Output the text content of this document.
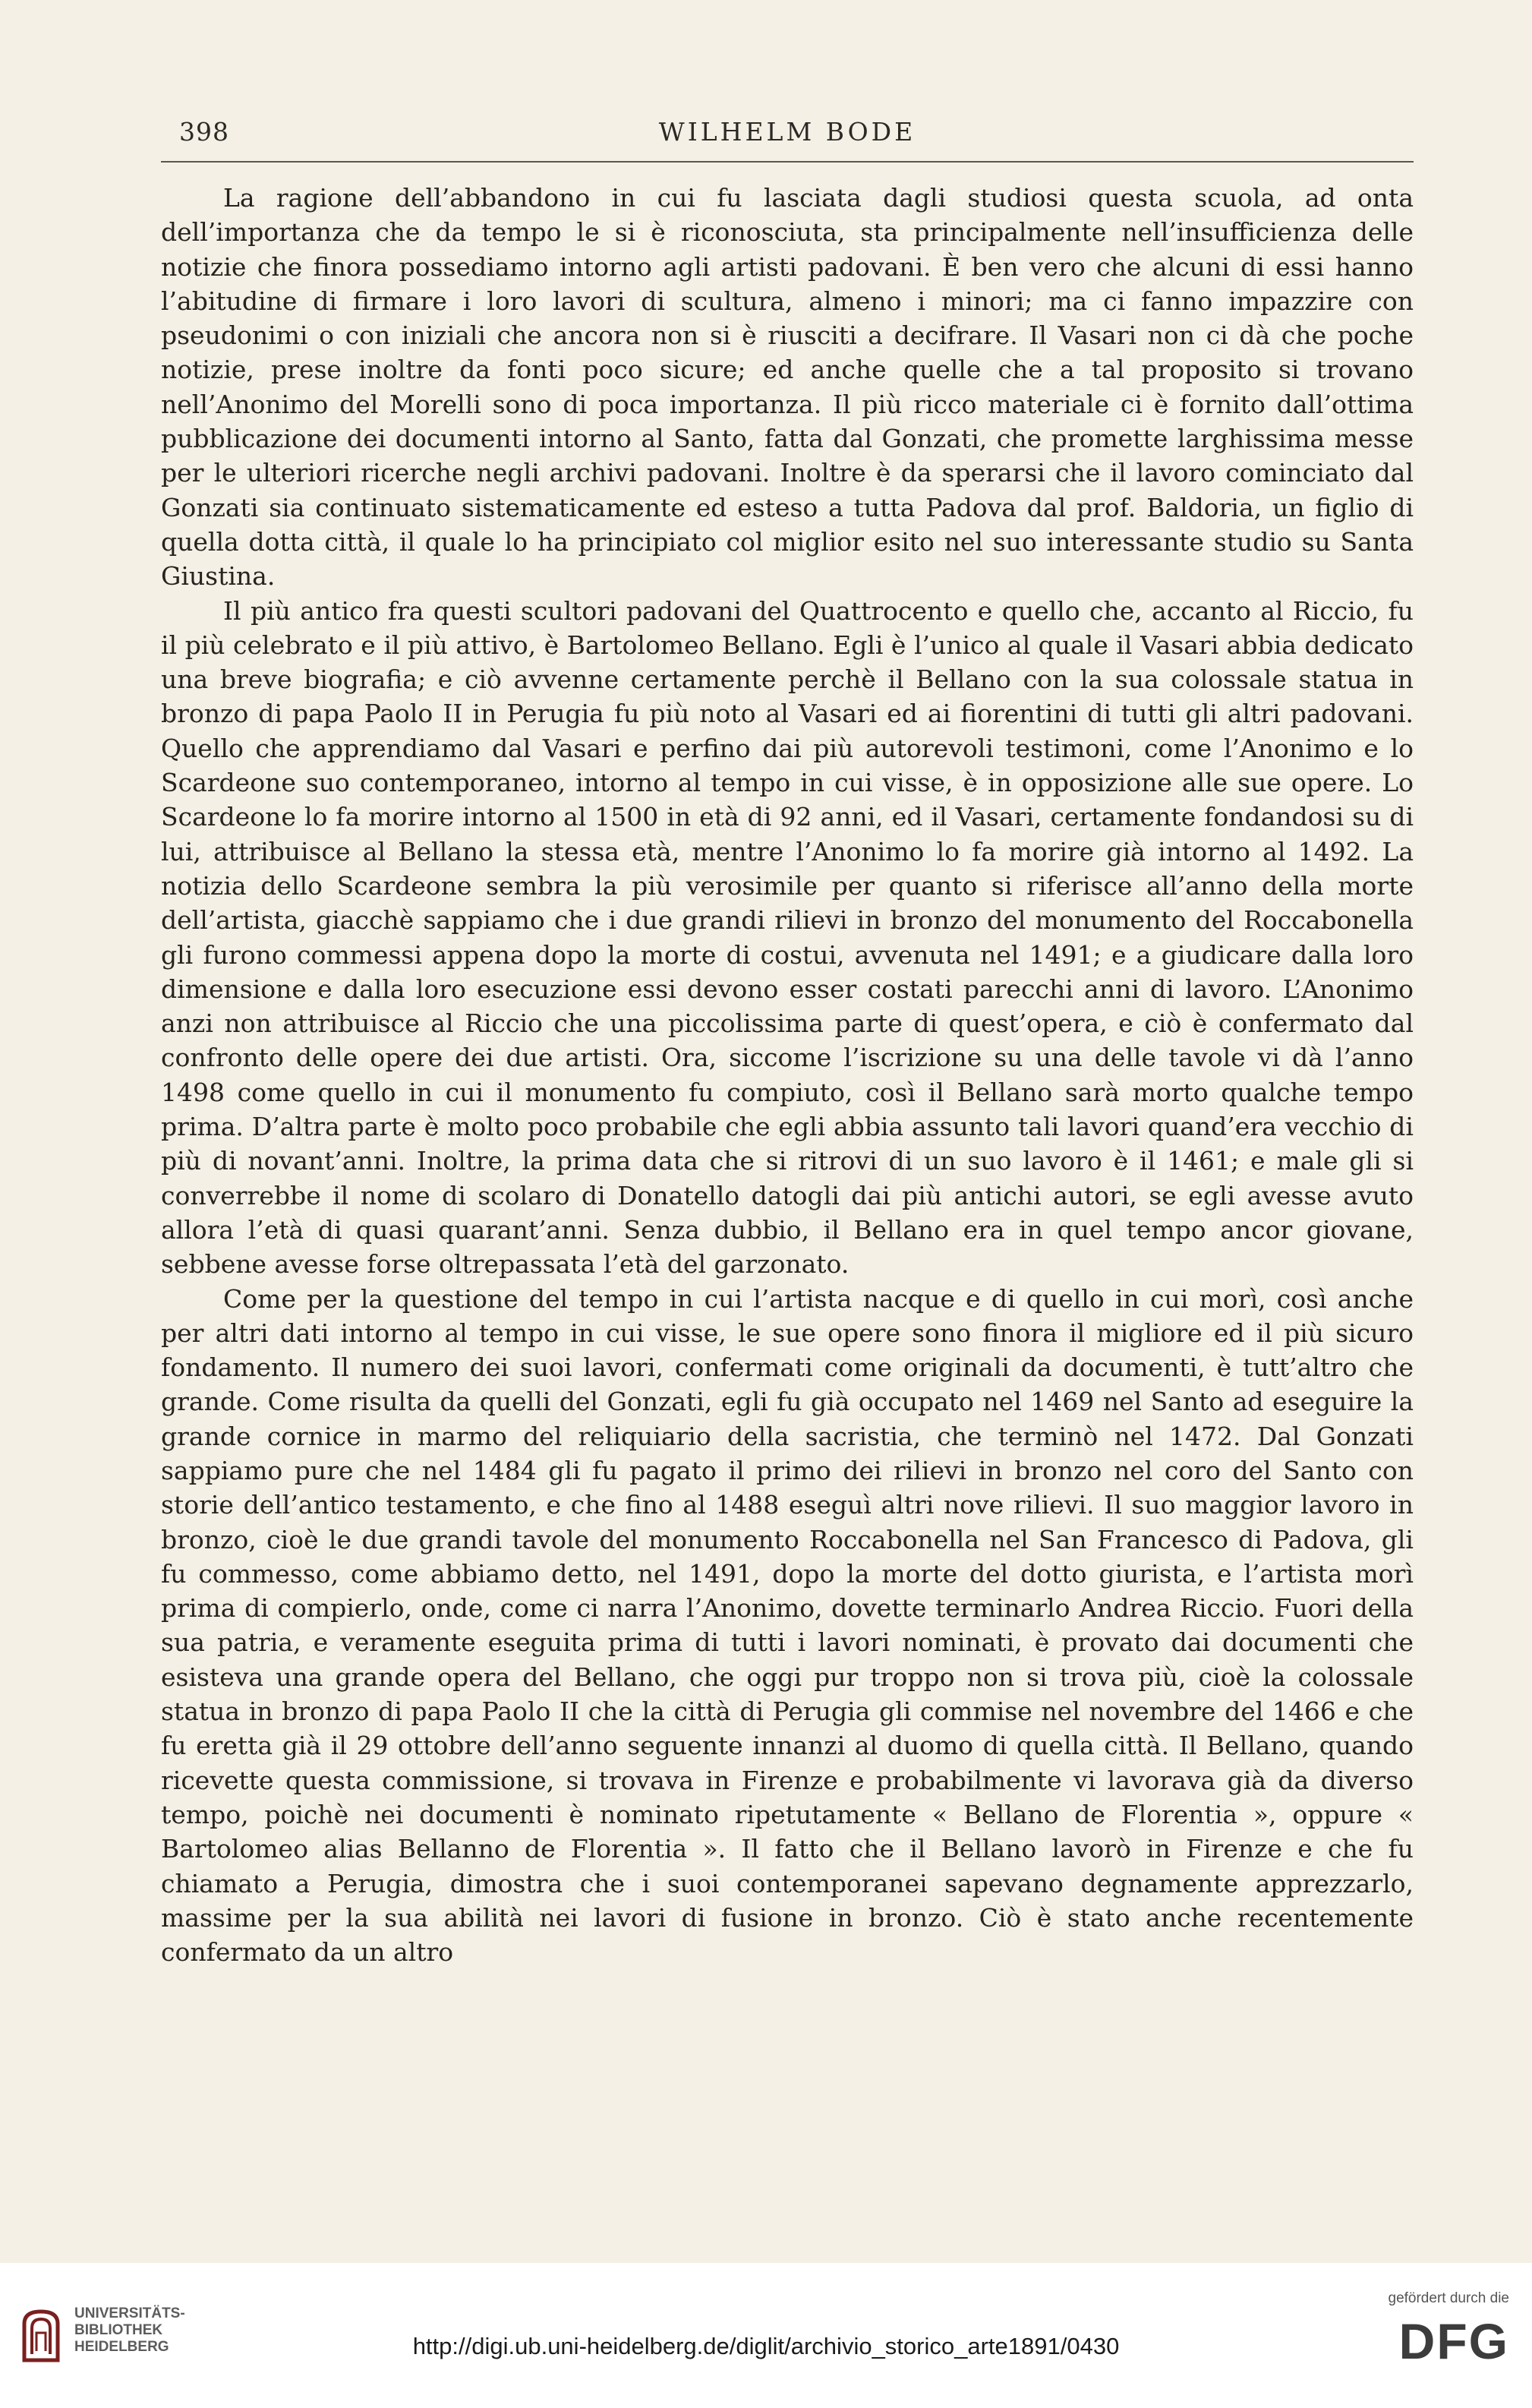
398	WILHELM BODE

La ragione dell’abbandono in cui fu lasciata dagli studiosi questa scuola, ad onta dell’importanza che da tempo le si è riconosciuta, sta principalmente nell’insufficienza delle notizie che finora possediamo intorno agli artisti padovani. È ben vero che alcuni di essi hanno l’abitudine di firmare i loro lavori di scultura, almeno i minori; ma ci fanno impazzire con pseudonimi o con iniziali che ancora non si è riusciti a decifrare. Il Vasari non ci dà che poche notizie, prese inoltre da fonti poco sicure; ed anche quelle che a tal proposito si trovano nell’Anonimo del Morelli sono di poca importanza. Il più ricco materiale ci è fornito dall’ottima pubblicazione dei documenti intorno al Santo, fatta dal Gonzati, che promette larghissima messe per le ulteriori ricerche negli archivi padovani. Inoltre è da sperarsi che il lavoro cominciato dal Gonzati sia continuato sistematicamente ed esteso a tutta Padova dal prof. Baldoria, un figlio di quella dotta città, il quale lo ha principiato col miglior esito nel suo interessante studio su Santa Giustina.

Il più antico fra questi scultori padovani del Quattrocento e quello che, accanto al Riccio, fu il più celebrato e il più attivo, è Bartolomeo Bellano. Egli è l’unico al quale il Vasari abbia dedicato una breve biografia; e ciò avvenne certamente perchè il Bellano con la sua colossale statua in bronzo di papa Paolo II in Perugia fu più noto al Vasari ed ai fiorentini di tutti gli altri padovani. Quello che apprendiamo dal Vasari e perfino dai più autorevoli testimoni, come l’Anonimo e lo Scardeone suo contemporaneo, intorno al tempo in cui visse, è in opposizione alle sue opere. Lo Scardeone lo fa morire intorno al 1500 in età di 92 anni, ed il Vasari, certamente fondandosi su di lui, attribuisce al Bellano la stessa età, mentre l’Anonimo lo fa morire già intorno al 1492. La notizia dello Scardeone sembra la più verosimile per quanto si riferisce all’anno della morte dell’artista, giacchè sappiamo che i due grandi rilievi in bronzo del monumento del Roccabonella gli furono commessi appena dopo la morte di costui, avvenuta nel 1491; e a giudicare dalla loro dimensione e dalla loro esecuzione essi devono esser costati parecchi anni di lavoro. L’Anonimo anzi non attribuisce al Riccio che una piccolissima parte di quest’opera, e ciò è confermato dal confronto delle opere dei due artisti. Ora, siccome l’iscrizione su una delle tavole vi dà l’anno 1498 come quello in cui il monumento fu compiuto, così il Bellano sarà morto qualche tempo prima. D’altra parte è molto poco probabile che egli abbia assunto tali lavori quand’era vecchio di più di novant’anni. Inoltre, la prima data che si ritrovi di un suo lavoro è il 1461; e male gli si converrebbe il nome di scolaro di Donatello datogli dai più antichi autori, se egli avesse avuto allora l’età di quasi quarant’anni. Senza dubbio, il Bellano era in quel tempo ancor giovane, sebbene avesse forse oltrepassata l’età del garzonato.

Come per la questione del tempo in cui l’artista nacque e di quello in cui morì, così anche per altri dati intorno al tempo in cui visse, le sue opere sono finora il migliore ed il più sicuro fondamento. Il numero dei suoi lavori, confermati come originali da documenti, è tutt’altro che grande. Come risulta da quelli del Gonzati, egli fu già occupato nel 1469 nel Santo ad eseguire la grande cornice in marmo del reliquiario della sacristia, che terminò nel 1472. Dal Gonzati sappiamo pure che nel 1484 gli fu pagato il primo dei rilievi in bronzo nel coro del Santo con storie dell’antico testamento, e che fino al 1488 eseguì altri nove rilievi. Il suo maggior lavoro in bronzo, cioè le due grandi tavole del monumento Roccabonella nel San Francesco di Padova, gli fu commesso, come abbiamo detto, nel 1491, dopo la morte del dotto giurista, e l’artista morì prima di compierlo, onde, come ci narra l’Anonimo, dovette terminarlo Andrea Riccio. Fuori della sua patria, e veramente eseguita prima di tutti i lavori nominati, è provato dai documenti che esisteva una grande opera del Bellano, che oggi pur troppo non si trova più, cioè la colossale statua in bronzo di papa Paolo II che la città di Perugia gli commise nel novembre del 1466 e che fu eretta già il 29 ottobre dell’anno seguente innanzi al duomo di quella città. Il Bellano, quando ricevette questa commissione, si trovava in Firenze e probabilmente vi lavorava già da diverso tempo, poichè nei documenti è nominato ripetutamente « Bellano de Florentia », oppure « Bartolomeo alias Bellanno de Florentia ». Il fatto che il Bellano lavorò in Firenze e che fu chiamato a Perugia, dimostra che i suoi contemporanei sapevano degnamente apprezzarlo, massime per la sua abilità nei lavori di fusione in bronzo. Ciò è stato anche recentemente confermato da un altro

UNIVERSITÄTS-
BIBLIOTHEK
HEIDELBERG	http://digi.ub.uni-heidelberg.de/diglit/archivio_storico_arte1891/0430
gefördert durch die
DFG
